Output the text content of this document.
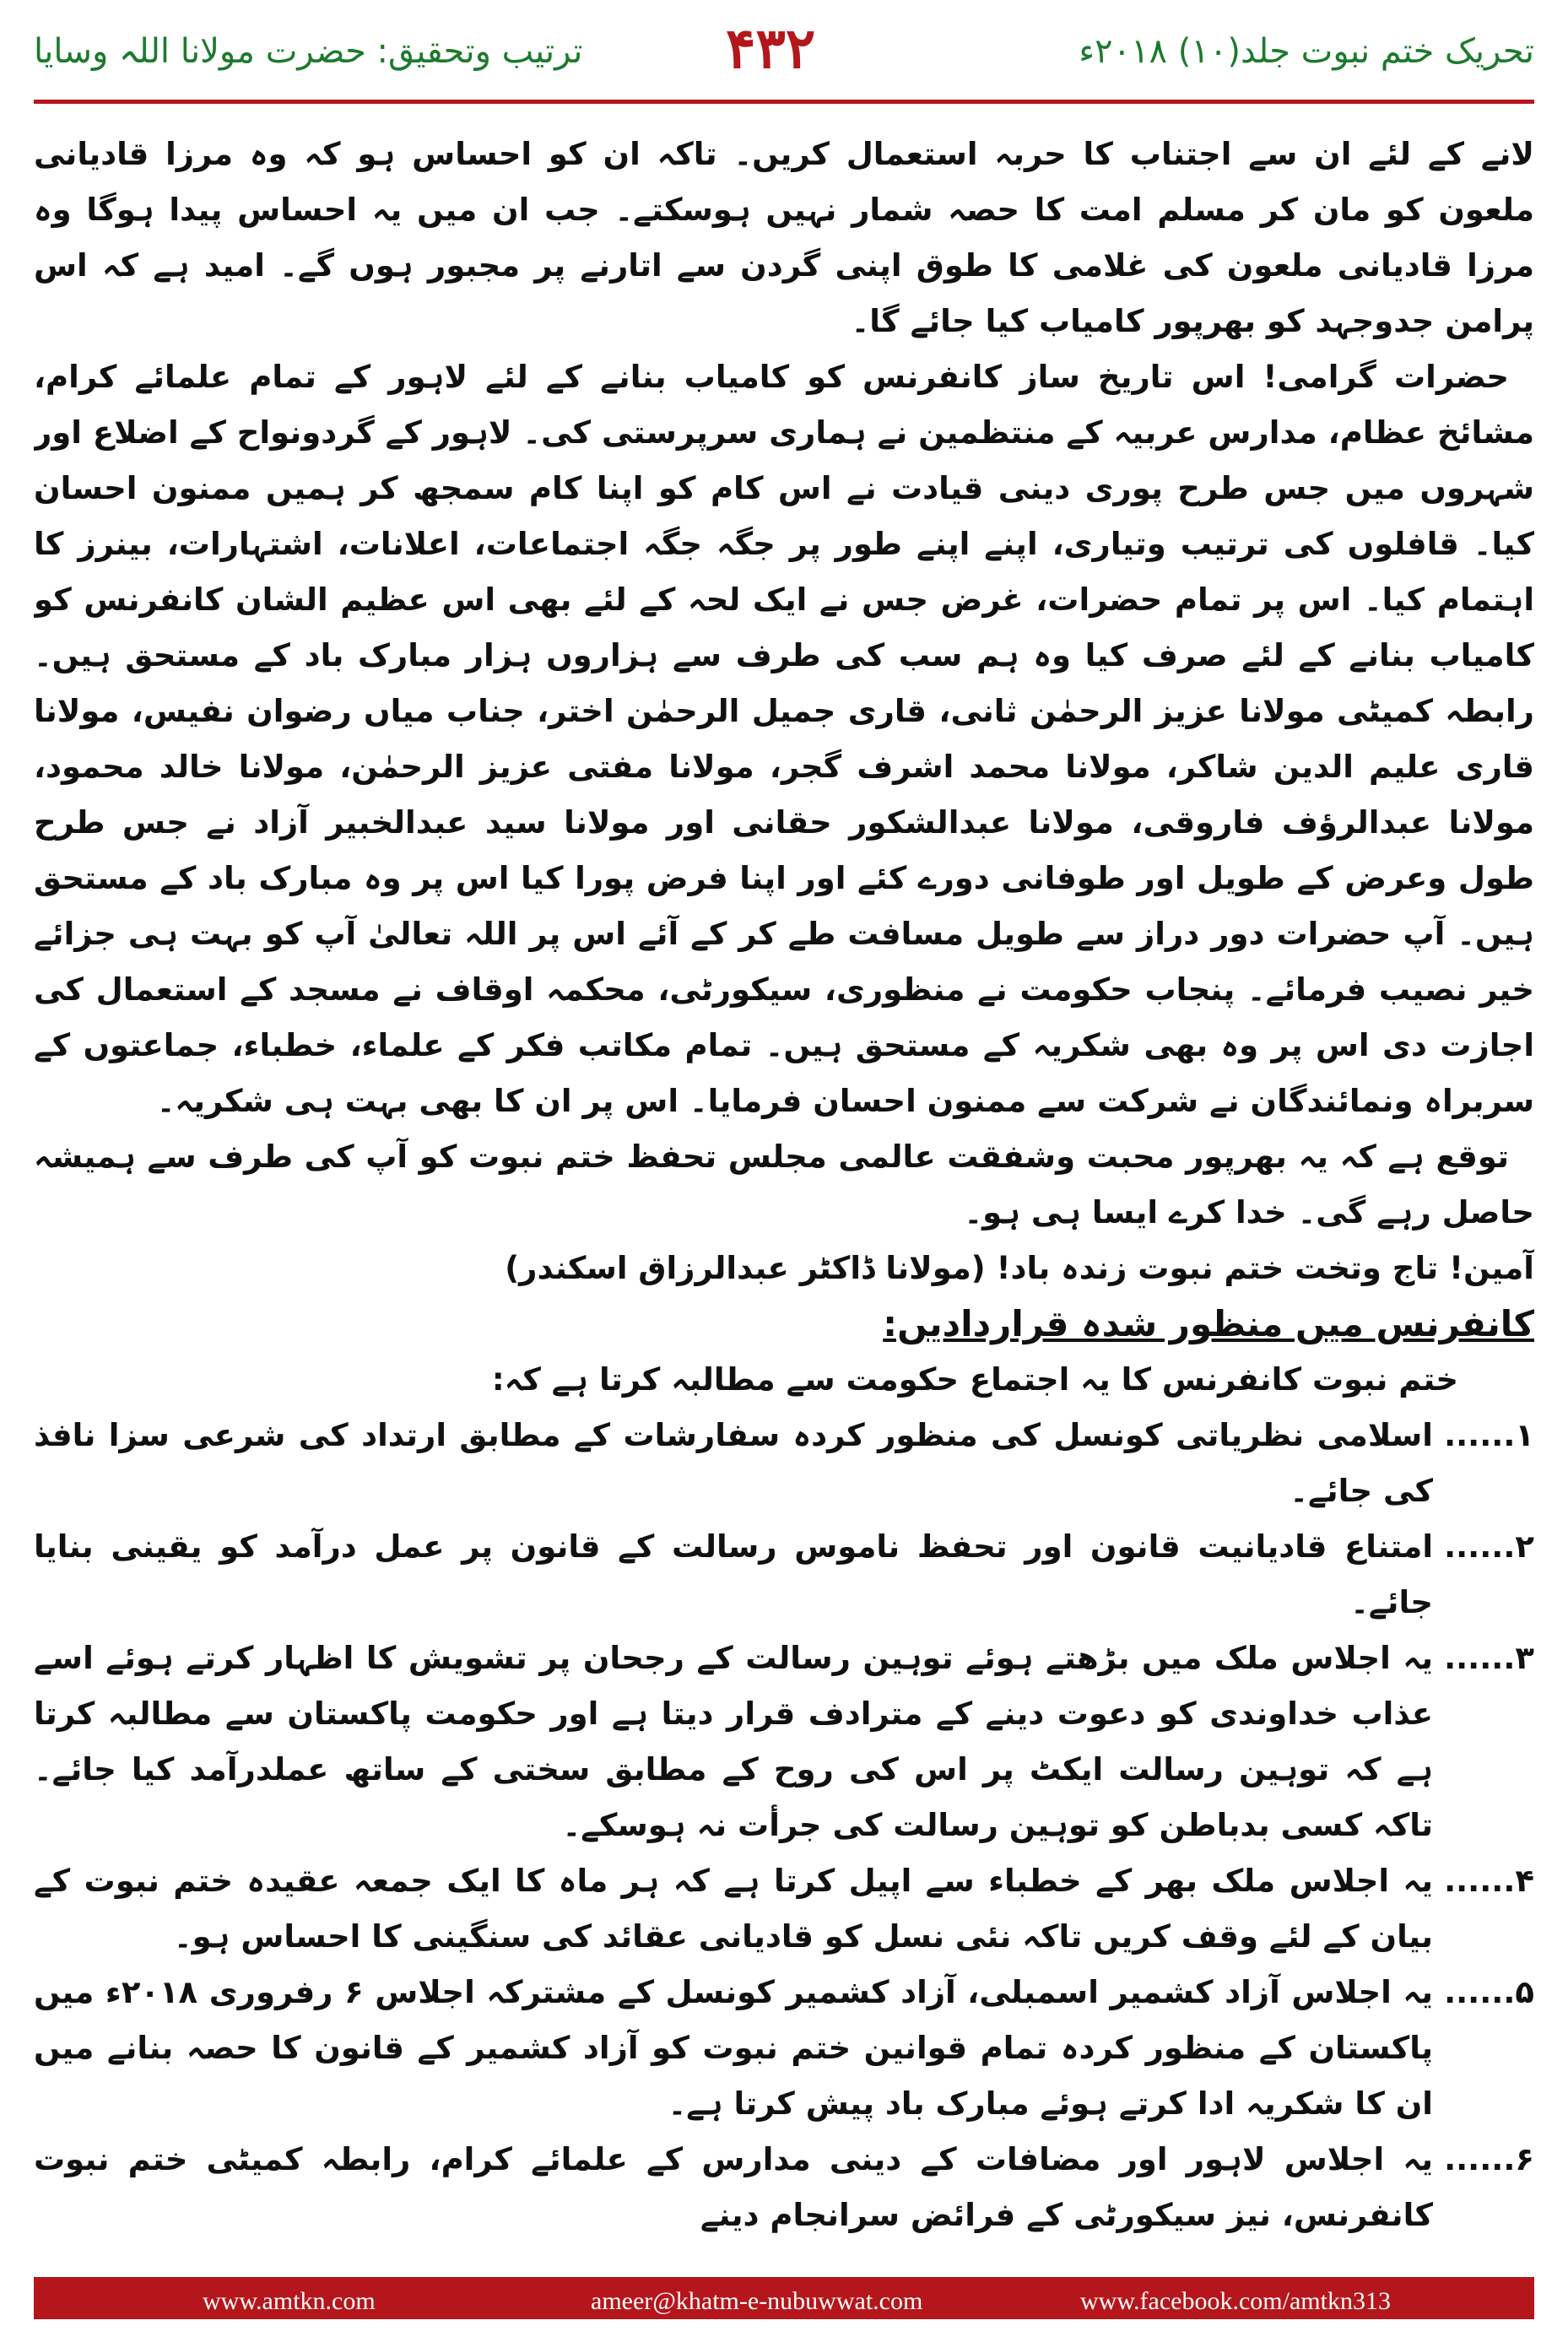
ترتیب وتحقیق: حضرت مولانا اللہ وسایا	۴۳۲	تحریک ختم نبوت جلد(۱۰) ۲۰۱۸ء

لانے کے لئے ان سے اجتناب کا حربہ استعمال کریں۔ تاکہ ان کو احساس ہو کہ وہ مرزا قادیانی ملعون کو مان کر مسلم امت کا حصہ شمار نہیں ہوسکتے۔ جب ان میں یہ احساس پیدا ہوگا وہ مرزا قادیانی ملعون کی غلامی کا طوق اپنی گردن سے اتارنے پر مجبور ہوں گے۔ امید ہے کہ اس پرامن جدوجہد کو بھرپور کامیاب کیا جائے گا۔

حضرات گرامی! اس تاریخ ساز کانفرنس کو کامیاب بنانے کے لئے لاہور کے تمام علمائے کرام، مشائخ عظام، مدارس عربیہ کے منتظمین نے ہماری سرپرستی کی۔ لاہور کے گردونواح کے اضلاع اور شہروں میں جس طرح پوری دینی قیادت نے اس کام کو اپنا کام سمجھ کر ہمیں ممنون احسان کیا۔ قافلوں کی ترتیب وتیاری، اپنے اپنے طور پر جگہ جگہ اجتماعات، اعلانات، اشتہارات، بینرز کا اہتمام کیا۔ اس پر تمام حضرات، غرض جس نے ایک لحہ کے لئے بھی اس عظیم الشان کانفرنس کو کامیاب بنانے کے لئے صرف کیا وہ ہم سب کی طرف سے ہزاروں ہزار مبارک باد کے مستحق ہیں۔ رابطہ کمیٹی مولانا عزیز الرحمٰن ثانی، قاری جمیل الرحمٰن اختر، جناب میاں رضوان نفیس، مولانا قاری علیم الدین شاکر، مولانا محمد اشرف گجر، مولانا مفتی عزیز الرحمٰن، مولانا خالد محمود، مولانا عبدالرؤف فاروقی، مولانا عبدالشکور حقانی اور مولانا سید عبدالخبیر آزاد نے جس طرح طول وعرض کے طویل اور طوفانی دورے کئے اور اپنا فرض پورا کیا اس پر وہ مبارک باد کے مستحق ہیں۔ آپ حضرات دور دراز سے طویل مسافت طے کر کے آئے اس پر اللہ تعالیٰ آپ کو بہت ہی جزائے خیر نصیب فرمائے۔ پنجاب حکومت نے منظوری، سیکورٹی، محکمہ اوقاف نے مسجد کے استعمال کی اجازت دی اس پر وہ بھی شکریہ کے مستحق ہیں۔ تمام مکاتب فکر کے علماء، خطباء، جماعتوں کے سربراہ ونمائندگان نے شرکت سے ممنون احسان فرمایا۔ اس پر ان کا بھی بہت ہی شکریہ۔

توقع ہے کہ یہ بھرپور محبت وشفقت عالمی مجلس تحفظ ختم نبوت کو آپ کی طرف سے ہمیشہ حاصل رہے گی۔ خدا کرے ایسا ہی ہو۔

آمین! تاج وتخت ختم نبوت زندہ باد! (مولانا ڈاکٹر عبدالرزاق اسکندر)

کانفرنس میں منظور شدہ قراردادیں:

ختم نبوت کانفرنس کا یہ اجتماع حکومت سے مطالبہ کرتا ہے کہ:

۱......
اسلامی نظریاتی کونسل کی منظور کردہ سفارشات کے مطابق ارتداد کی شرعی سزا نافذ کی جائے۔
۲......
امتناع قادیانیت قانون اور تحفظ ناموس رسالت کے قانون پر عمل درآمد کو یقینی بنایا جائے۔
۳......
یہ اجلاس ملک میں بڑھتے ہوئے توہین رسالت کے رجحان پر تشویش کا اظہار کرتے ہوئے اسے عذاب خداوندی کو دعوت دینے کے مترادف قرار دیتا ہے اور حکومت پاکستان سے مطالبہ کرتا ہے کہ توہین رسالت ایکٹ پر اس کی روح کے مطابق سختی کے ساتھ عملدرآمد کیا جائے۔ تاکہ کسی بدباطن کو توہین رسالت کی جرأت نہ ہوسکے۔
۴......
یہ اجلاس ملک بھر کے خطباء سے اپیل کرتا ہے کہ ہر ماہ کا ایک جمعہ عقیدہ ختم نبوت کے بیان کے لئے وقف کریں تاکہ نئی نسل کو قادیانی عقائد کی سنگینی کا احساس ہو۔
۵......
یہ اجلاس آزاد کشمیر اسمبلی، آزاد کشمیر کونسل کے مشترکہ اجلاس ۶ رفروری ۲۰۱۸ء میں پاکستان کے منظور کردہ تمام قوانین ختم نبوت کو آزاد کشمیر کے قانون کا حصہ بنانے میں ان کا شکریہ ادا کرتے ہوئے مبارک باد پیش کرتا ہے۔
۶......
یہ اجلاس لاہور اور مضافات کے دینی مدارس کے علمائے کرام، رابطہ کمیٹی ختم نبوت کانفرنس، نیز سیکورٹی کے فرائض سرانجام دینے
www.amtkn.com	ameer@khatm-e-nubuwwat.com	www.facebook.com/amtkn313
